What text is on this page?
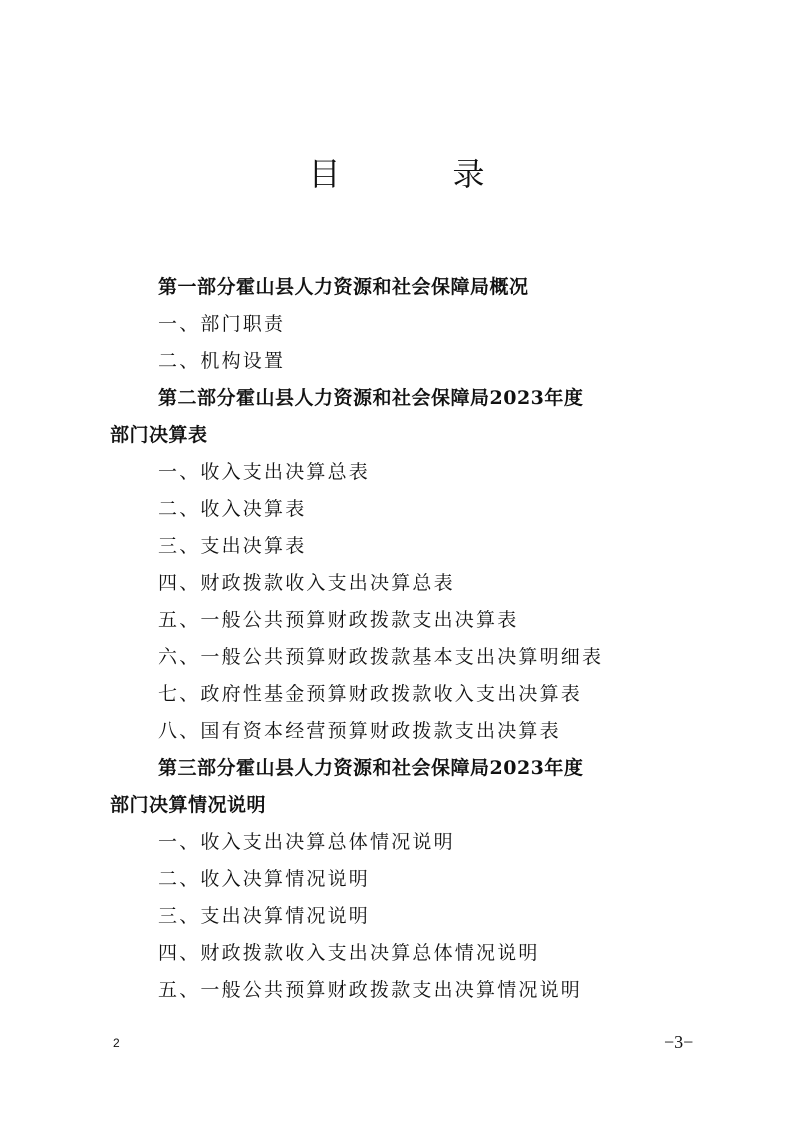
目　录
第一部分霍山县人力资源和社会保障局概况
一、部门职责
二、机构设置
第二部分霍山县人力资源和社会保障局2023年度
部门决算表
一、收入支出决算总表
二、收入决算表
三、支出决算表
四、财政拨款收入支出决算总表
五、一般公共预算财政拨款支出决算表
六、一般公共预算财政拨款基本支出决算明细表
七、政府性基金预算财政拨款收入支出决算表
八、国有资本经营预算财政拨款支出决算表
第三部分霍山县人力资源和社会保障局2023年度
部门决算情况说明
一、收入支出决算总体情况说明
二、收入决算情况说明
三、支出决算情况说明
四、财政拨款收入支出决算总体情况说明
五、一般公共预算财政拨款支出决算情况说明
2	−3−
